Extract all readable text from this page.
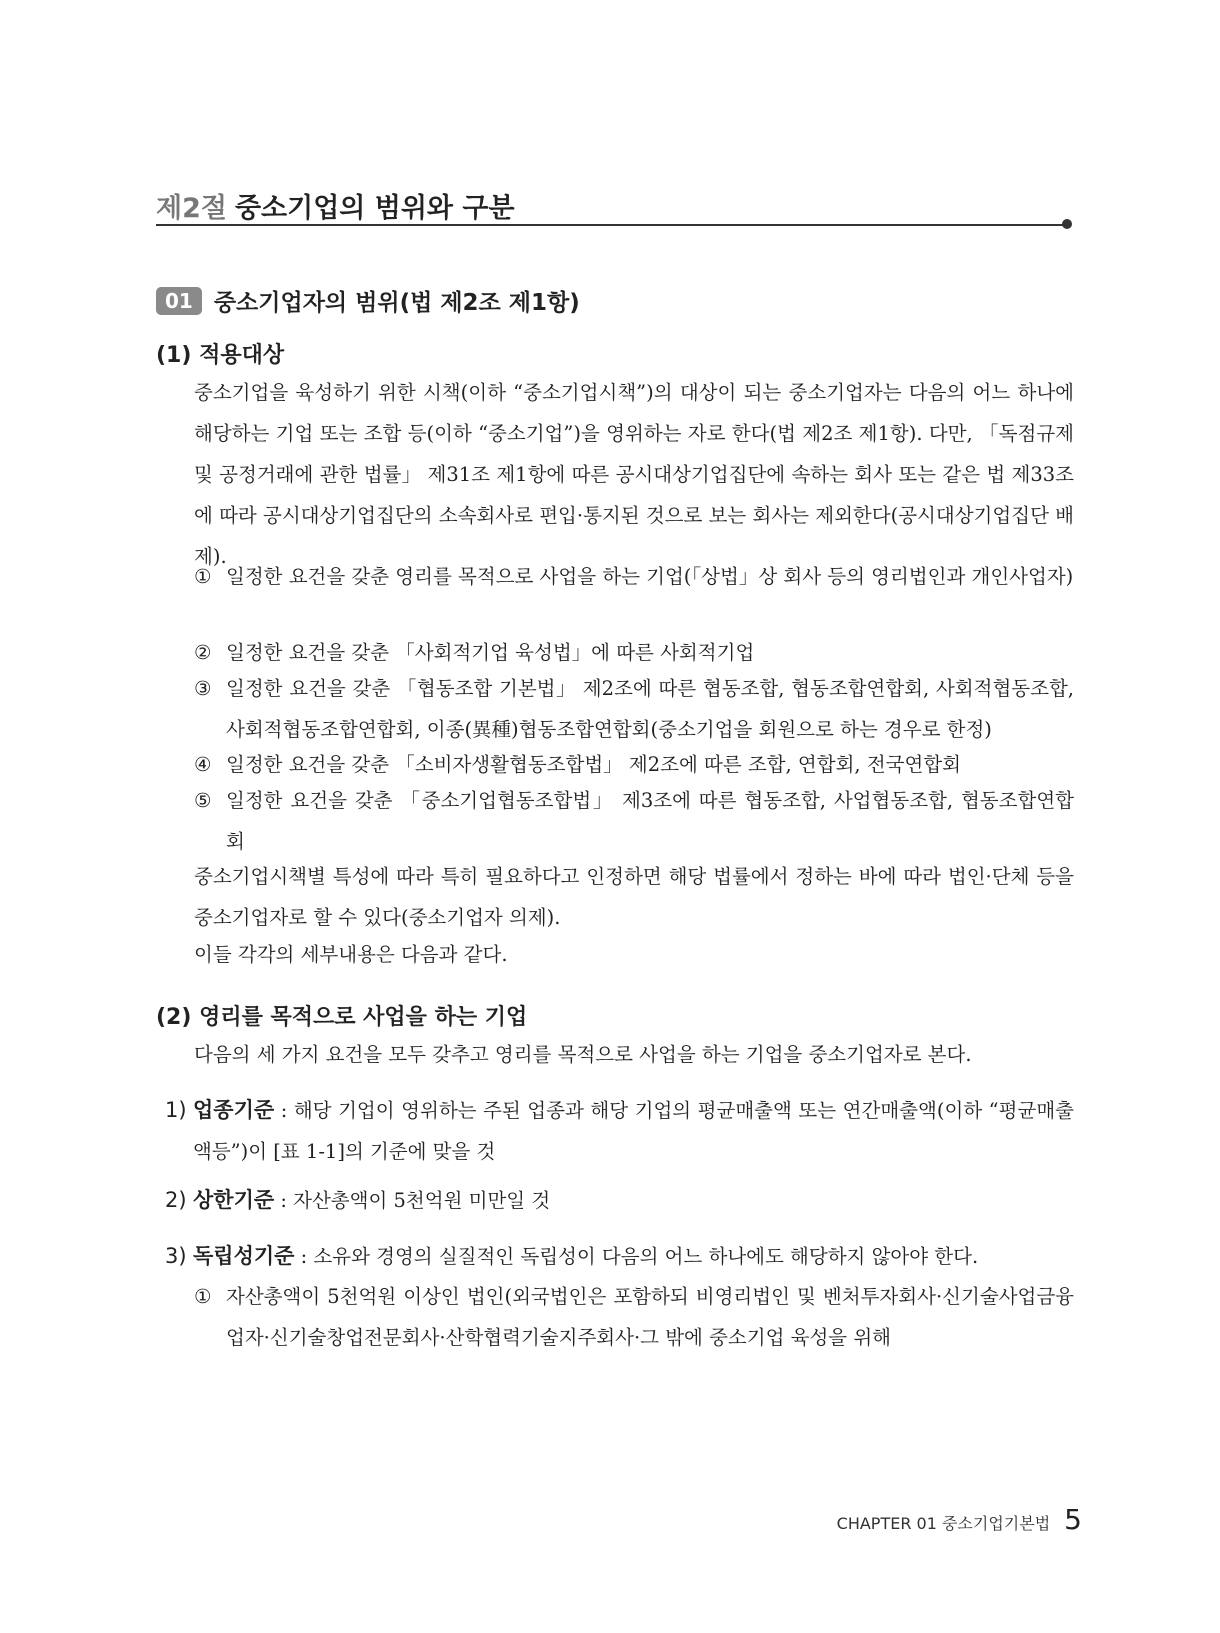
제2절 중소기업의 범위와 구분
01 중소기업자의 범위(법 제2조 제1항)
(1) 적용대상

중소기업을 육성하기 위한 시책(이하 “중소기업시책”)의 대상이 되는 중소기업자는 다음의 어느 하나에 해당하는 기업 또는 조합 등(이하 “중소기업”)을 영위하는 자로 한다(법 제2조 제1항). 다만, 「독점규제 및 공정거래에 관한 법률」 제31조 제1항에 따른 공시대상기업집단에 속하는 회사 또는 같은 법 제33조에 따라 공시대상기업집단의 소속회사로 편입·통지된 것으로 보는 회사는 제외한다(공시대상기업집단 배제).

① 일정한 요건을 갖춘 영리를 목적으로 사업을 하는 기업(「상법」상 회사 등의 영리법인과 개인사업자)

② 일정한 요건을 갖춘 「사회적기업 육성법」에 따른 사회적기업

③ 일정한 요건을 갖춘 「협동조합 기본법」 제2조에 따른 협동조합, 협동조합연합회, 사회적협동조합, 사회적협동조합연합회, 이종(異種)협동조합연합회(중소기업을 회원으로 하는 경우로 한정)

④ 일정한 요건을 갖춘 「소비자생활협동조합법」 제2조에 따른 조합, 연합회, 전국연합회

⑤ 일정한 요건을 갖춘 「중소기업협동조합법」 제3조에 따른 협동조합, 사업협동조합, 협동조합연합회

중소기업시책별 특성에 따라 특히 필요하다고 인정하면 해당 법률에서 정하는 바에 따라 법인·단체 등을 중소기업자로 할 수 있다(중소기업자 의제).

이들 각각의 세부내용은 다음과 같다.

(2) 영리를 목적으로 사업을 하는 기업

다음의 세 가지 요건을 모두 갖추고 영리를 목적으로 사업을 하는 기업을 중소기업자로 본다.

1) 업종기준 : 해당 기업이 영위하는 주된 업종과 해당 기업의 평균매출액 또는 연간매출액(이하 “평균매출액등”)이 [표 1-1]의 기준에 맞을 것

2) 상한기준 : 자산총액이 5천억원 미만일 것

3) 독립성기준 : 소유와 경영의 실질적인 독립성이 다음의 어느 하나에도 해당하지 않아야 한다.

① 자산총액이 5천억원 이상인 법인(외국법인은 포함하되 비영리법인 및 벤처투자회사·신기술사업금융업자·신기술창업전문회사·산학협력기술지주회사·그 밖에 중소기업 육성을 위해

CHAPTER 01 중소기업기본법 5
